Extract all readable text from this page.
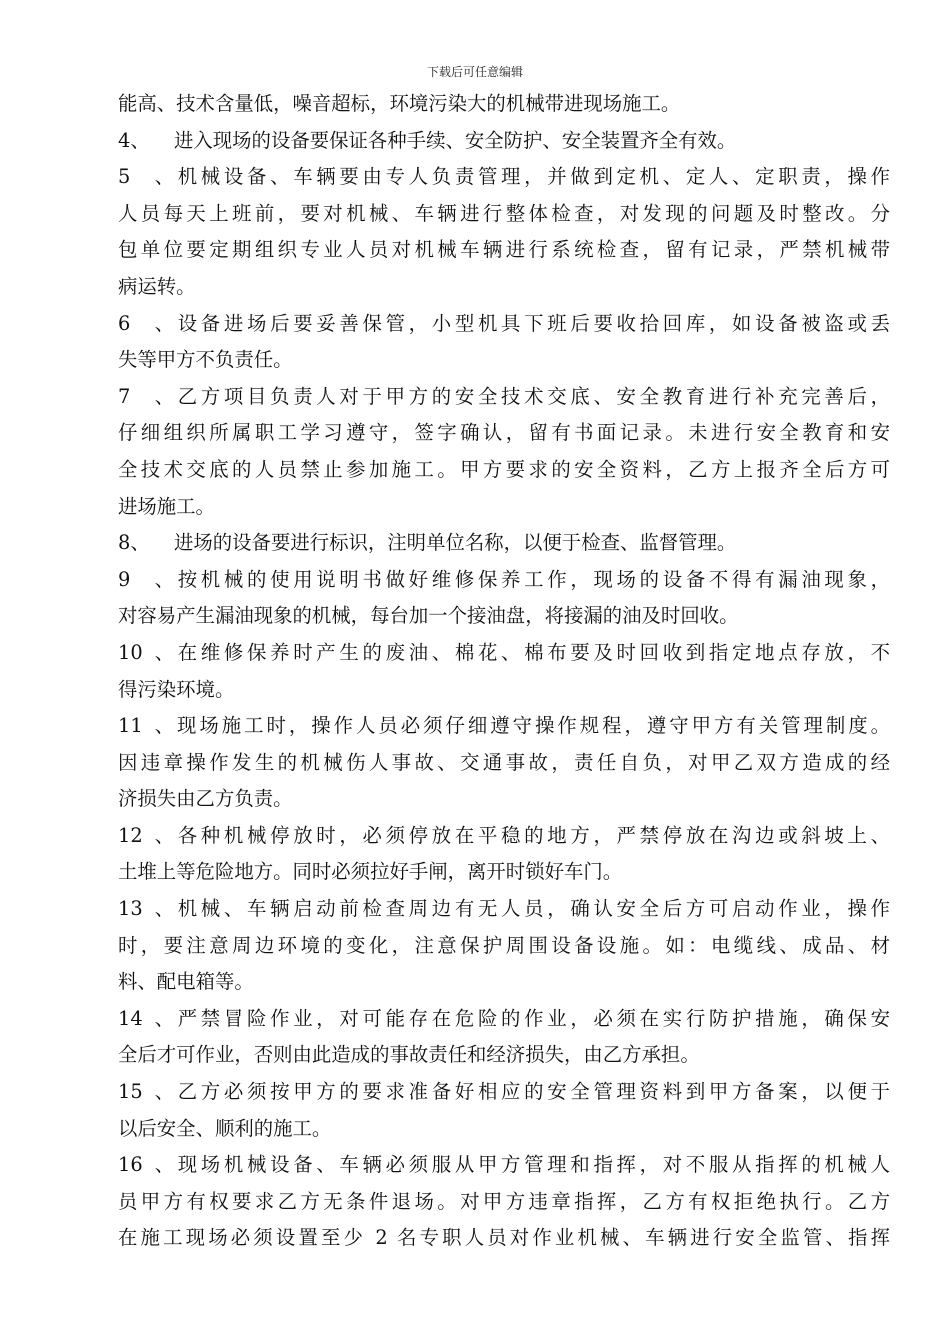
下载后可任意编辑
能高、技术含量低，噪音超标，环境污染大的机械带进现场施工。
4、 进入现场的设备要保证各种手续、安全防护、安全装置齐全有效。
5、机械设备、车辆要由专人负责管理，并做到定机、定人、定职责，操作
人员每天上班前，要对机械、车辆进行整体检查，对发现的问题及时整改。分
包单位要定期组织专业人员对机械车辆进行系统检查，留有记录，严禁机械带
病运转。
6、设备进场后要妥善保管，小型机具下班后要收拾回库，如设备被盗或丢
失等甲方不负责任。
7、乙方项目负责人对于甲方的安全技术交底、安全教育进行补充完善后，
仔细组织所属职工学习遵守，签字确认，留有书面记录。未进行安全教育和安
全技术交底的人员禁止参加施工。甲方要求的安全资料，乙方上报齐全后方可
进场施工。
8、 进场的设备要进行标识，注明单位名称，以便于检查、监督管理。
9、按机械的使用说明书做好维修保养工作，现场的设备不得有漏油现象，
对容易产生漏油现象的机械，每台加一个接油盘，将接漏的油及时回收。
10、在维修保养时产生的废油、棉花、棉布要及时回收到指定地点存放，不
得污染环境。
11、现场施工时，操作人员必须仔细遵守操作规程，遵守甲方有关管理制度。
因违章操作发生的机械伤人事故、交通事故，责任自负，对甲乙双方造成的经
济损失由乙方负责。
12、各种机械停放时，必须停放在平稳的地方，严禁停放在沟边或斜坡上、
土堆上等危险地方。同时必须拉好手闸，离开时锁好车门。
13、机械、车辆启动前检查周边有无人员，确认安全后方可启动作业，操作
时，要注意周边环境的变化，注意保护周围设备设施。如：电缆线、成品、材
料、配电箱等。
14、严禁冒险作业，对可能存在危险的作业，必须在实行防护措施，确保安
全后才可作业，否则由此造成的事故责任和经济损失，由乙方承担。
15、乙方必须按甲方的要求准备好相应的安全管理资料到甲方备案，以便于
以后安全、顺利的施工。
16、现场机械设备、车辆必须服从甲方管理和指挥，对不服从指挥的机械人
员甲方有权要求乙方无条件退场。对甲方违章指挥，乙方有权拒绝执行。乙方
在施工现场必须设置至少 2 名专职人员对作业机械、车辆进行安全监管、指挥
